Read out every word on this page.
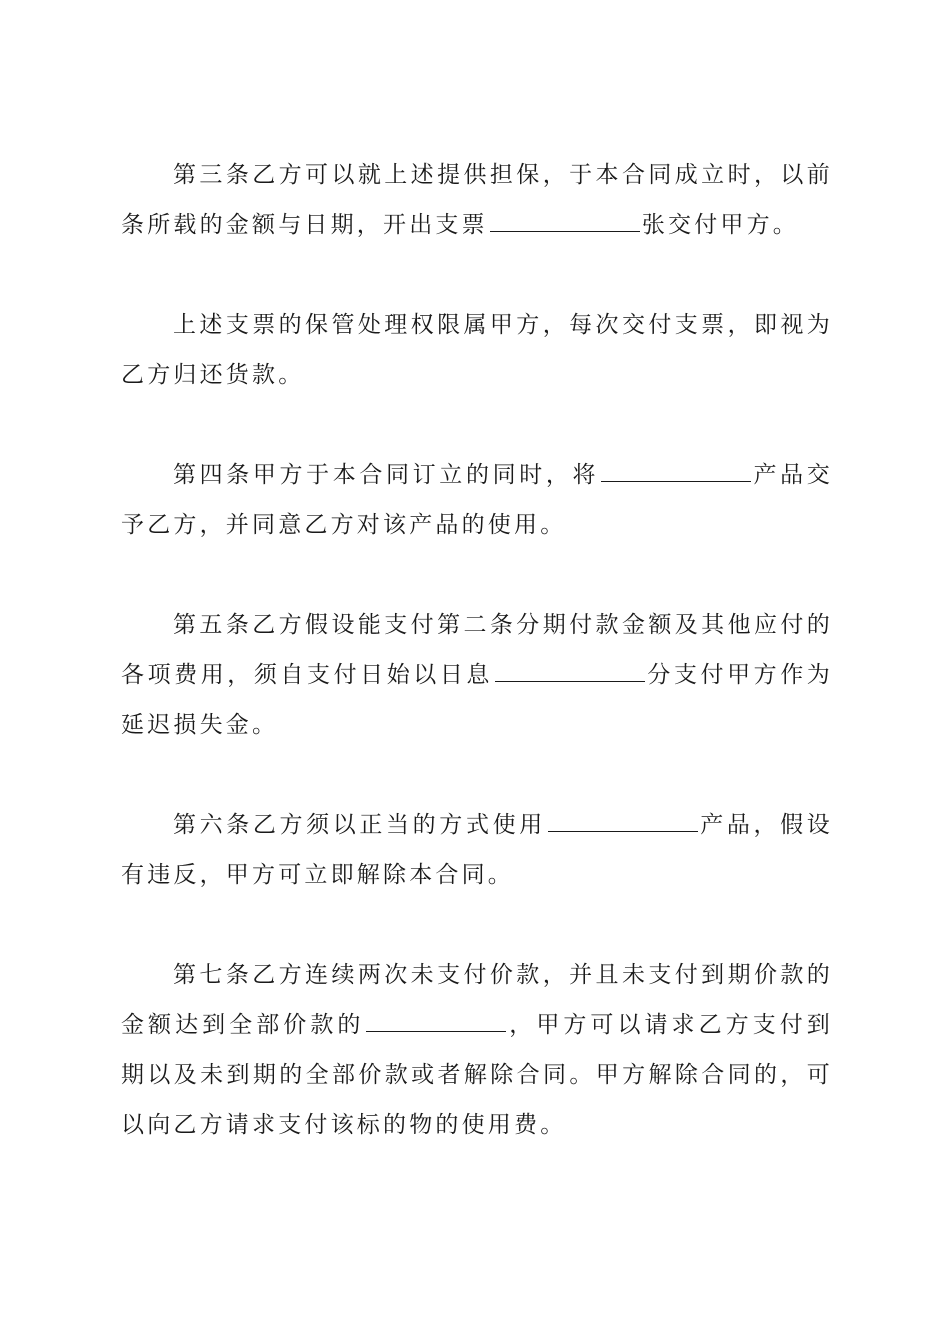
第三条乙方可以就上述提供担保，于本合同成立时，以前条所载的金额与日期，开出支票	张交付甲方。

上述支票的保管处理权限属甲方，每次交付支票，即视为乙方归还货款。

第四条甲方于本合同订立的同时，将	产品交予乙方，并同意乙方对该产品的使用。

第五条乙方假设能支付第二条分期付款金额及其他应付的各项费用，须自支付日始以日息	分支付甲方作为延迟损失金。

第六条乙方须以正当的方式使用	产品，假设有违反，甲方可立即解除本合同。

第七条乙方连续两次未支付价款，并且未支付到期价款的金额达到全部价款的	，甲方可以请求乙方支付到期以及未到期的全部价款或者解除合同。甲方解除合同的，可以向乙方请求支付该标的物的使用费。
